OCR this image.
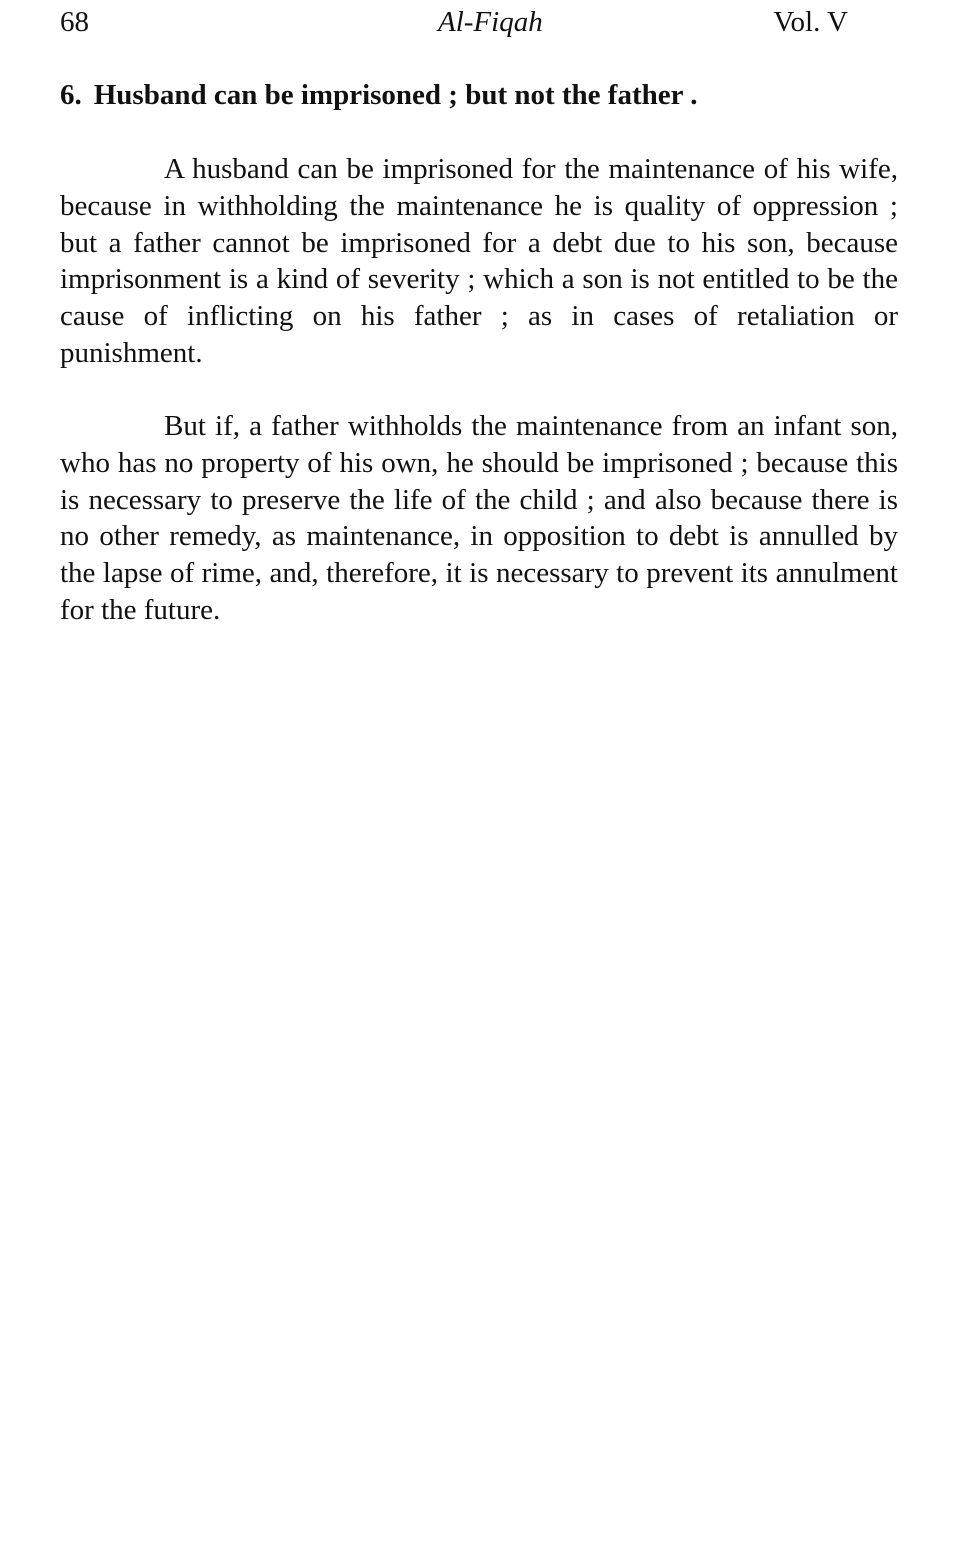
68	Al-Fiqah	Vol. V
6. Husband can be imprisoned ; but not the father .

A husband can be imprisoned for the maintenance of his wife, because in withholding the maintenance he is quality of oppression ; but a father cannot be imprisoned for a debt due to his son, because imprisonment is a kind of severity ; which a son is not entitled to be the cause of inflicting on his father ; as in cases of retaliation or punishment.

But if, a father withholds the maintenance from an infant son, who has no property of his own, he should be imprisoned ; because this is necessary to preserve the life of the child ; and also because there is no other remedy, as maintenance, in opposition to debt is annulled by the lapse of rime, and, therefore, it is necessary to prevent its annulment for the future.
